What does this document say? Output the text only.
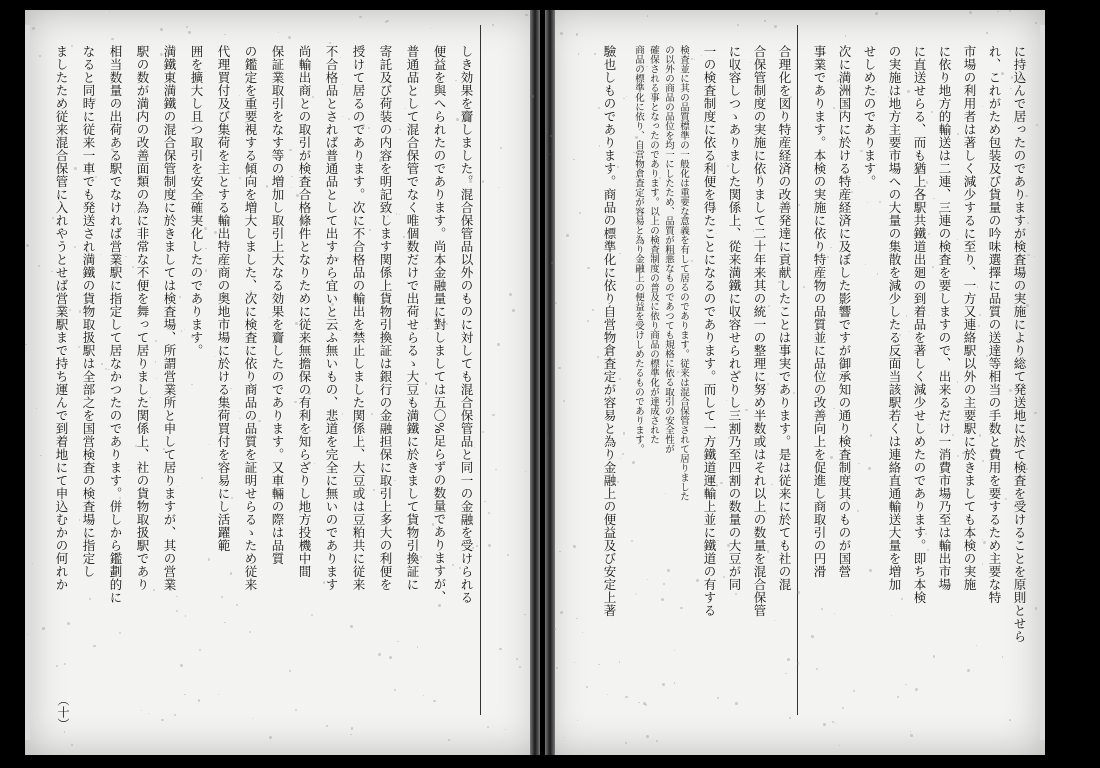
しき効果を齎しました。混合保管品以外のものに対しても混合保管品と同一の金融を受けられる
便益を與へられたのであります。尚本金融量に對しましては五〇%足らずの数量でありますが、
普通品として混合保管でなく唯個数だけで出荷せらるゝ大豆も満鐵に於きまして貨物引換証に
寄託及び荷装の内容を明記致します関係上貨物引換証は銀行の金融担保に取引上多大の利便を
授けて居るのであります。次に不合格品の輸出を禁止しました関係上、大豆或は豆粕共に従来
不合格品とされば普通品として出すから宜いと云ふ無いもの、悲道を完全に無いのであります
尚輸出商との取引が検査合格條件となりために従来無擔保の有利を知らざりし地方投機中間
保証業取引をなす等の増加し取引上大なる効果を齎したのであります。又車輛の際は品質
の鑑定を重要視する傾向を増大しました、次に検査に依り商品の品質を証明せらるゝため従来
代理買付及び集荷を主とする輸出特産商の奥地市場に於ける集荷買付を容易にし活躍範
囲を擴大し且つ取引を安全確実化したのであります。
満鐵東満鐵の混合保管制度に於きましては検査場、所謂営業所と申して居りますが、其の営業
駅の数が満内の改善面類の為に非常な不便を舞って居りました関係上、社の貨物取扱駅であり
相当数量の出荷ある駅でなければ営業駅に指定して居なかつたのであります。併しから鑑劃的に
なると同時に従来一車でも発送され満鐵の貨物取扱駅は全部之を国営検査の検査場に指定し
ましたため従来混合保管に入れやうとせば営業駅まで持ち運んで到着地にて申込むかの何れか
（十）
に持込んで居ったのでありますが検査場の実施により総て発送地に於て検査を受けることを原則とせら
れ、これがため包装及び貨量の吟味選擇に品質の送達等相当の手数と費用を要するため主要な特
市場の利用者は著しく減少するに至り、一方又連絡駅以外の主要駅に於きましても本検の実施
に依り地方的輸送は二連、三連の検査を要しますので、出来るだけ一消費市場乃至は輸出市場
に直送せらる、而も猶上各駅共鐵道出廻の到着品を著しく減少せしめたのであります。即ち本検
の実施は地方主要市場への大量の集散を減少したる反面当該駅若くは連絡直通輸送大量を増加
せしめたのであります。
次に満洲国内に於ける特産経済に及ぼした影響ですが御承知の通り検査制度其のものが国營
事業であります。本検の実施に依り特産物の品質並に品位の改善向上を促進し商取引の円滑
合理化を図り特産経済の改善発達に貢献したことは事実であります。是は従来に於ても社の混
合保管制度の実施に依りまして二十年来其の統一の整理に努め半数或はそれ以上の数量を混合保管
に収容しつゝありました関係上、從来満鐵に収容せられざりし三割乃至四割の数量の大豆が同
一の検査制度に依る利便を得たことになるのであります。而して一方鐵道運輸上並に鐵道の有する
検査並に其の品質標準の一般化は重要な意義を有して居るのであります。従来は混合保管されて居りました
の以外の商品の品位を均一にしたため、品質が粗悪なものであつても規格に依る取引の安全性が
確保される事となったのであります。以上の検査制度の普及に依り商品の標準化が達成された
商品の標準化に依り、自営物倉査定が容易と為り金融上の便益を受けしめたるものであります。
驗也しものであります。商品の標準化に依り自営物倉査定が容易と為り金融上の便益及び安定上著
